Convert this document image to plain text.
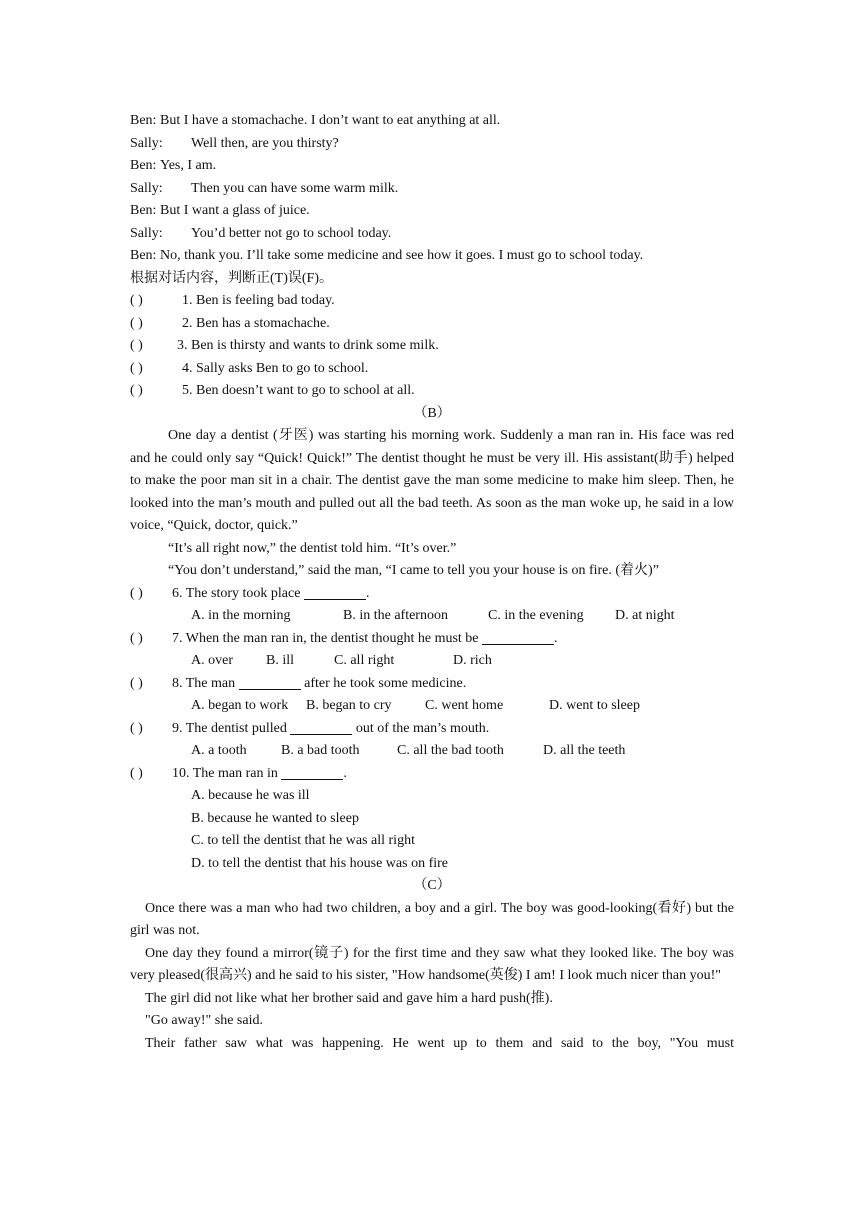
Ben: But I have a stomachache. I don’t want to eat anything at all.
Sally: Well then, are you thirsty?
Ben: Yes, I am.
Sally: Then you can have some warm milk.
Ben: But I want a glass of juice.
Sally: You’d better not go to school today.
Ben: No, thank you. I’ll take some medicine and see how it goes. I must go to school today.
根据对话内容，判断正(T)误(F)。
( )	1. Ben is feeling bad today.
( )	2. Ben has a stomachache.
( ) 3. Ben is thirsty and wants to drink some milk.
( )	4. Sally asks Ben to go to school.
( )	5. Ben doesn’t want to go to school at all.
（B）
One day a dentist (牙医) was starting his morning work. Suddenly a man ran in. His face was red and he could only say “Quick! Quick!” The dentist thought he must be very ill. His assistant(助手) helped to make the poor man sit in a chair. The dentist gave the man some medicine to make him sleep. Then, he looked into the man’s mouth and pulled out all the bad teeth. As soon as the man woke up, he said in a low voice, “Quick, doctor, quick.”
“It’s all right now,” the dentist told him. “It’s over.”
“You don’t understand,” said the man, “I came to tell you your house is on fire. (着火)”
( ) 6. The story took place	.
A. in the morning	B. in the afternoon	C. in the evening D. at night
( ) 7. When the man ran in, the dentist thought he must be	.
A. over B. ill	C. all right	D. rich
( ) 8. The man	after he took some medicine.
A. began to work B. began to cry C. went home	D. went to sleep
( ) 9. The dentist pulled	out of the man’s mouth.
A. a tooth B. a bad tooth	C. all the bad tooth	D. all the teeth
( ) 10. The man ran in	.
A. because he was ill
B. because he wanted to sleep
C. to tell the dentist that he was all right
D. to tell the dentist that his house was on fire
（C）
Once there was a man who had two children, a boy and a girl. The boy was good-looking(看好) but the girl was not.
One day they found a mirror(镜子) for the first time and they saw what they looked like. The boy was very pleased(很高兴) and he said to his sister, "How handsome(英俊) I am! I look much nicer than you!"
The girl did not like what her brother said and gave him a hard push(推).
"Go away!" she said.
Their father saw what was happening. He went up to them and said to the boy, "You must
